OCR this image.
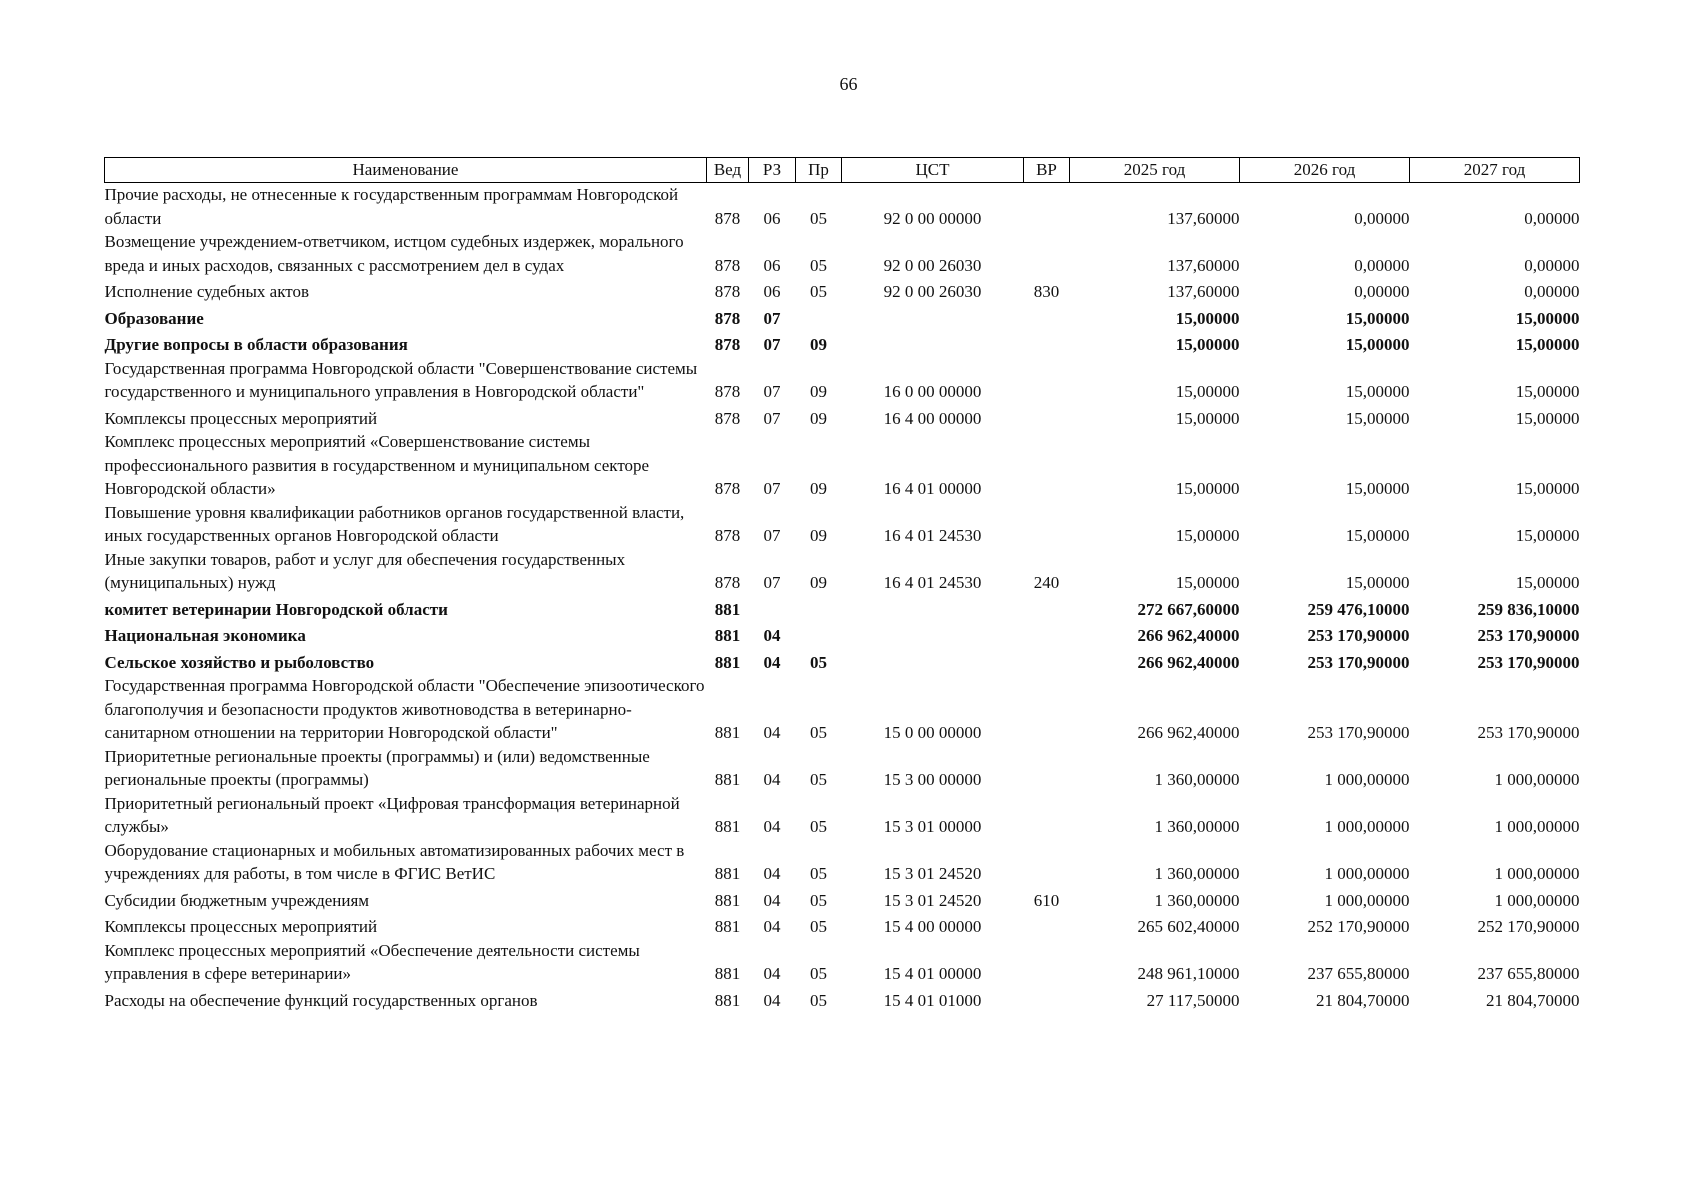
66
Наименование	Вед	РЗ	Пр	ЦСТ	ВР	2025 год	2026 год	2027 год
Прочие расходы, не отнесенные к государственным программам Новгородской области	878	06	05	92 0 00 00000		137,60000	0,00000	0,00000
Возмещение учреждением-ответчиком, истцом судебных издержек, морального вреда и иных расходов, связанных с рассмотрением дел в судах	878	06	05	92 0 00 26030		137,60000	0,00000	0,00000
Исполнение судебных актов	878	06	05	92 0 00 26030	830	137,60000	0,00000	0,00000
Образование	878	07				15,00000	15,00000	15,00000
Другие вопросы в области образования	878	07	09			15,00000	15,00000	15,00000
Государственная программа Новгородской области "Совершенствование системы государственного и муниципального управления в Новгородской области"	878	07	09	16 0 00 00000		15,00000	15,00000	15,00000
Комплексы процессных мероприятий	878	07	09	16 4 00 00000		15,00000	15,00000	15,00000
Комплекс процессных мероприятий «Совершенствование системы профессионального развития в государственном и муниципальном секторе Новгородской области»	878	07	09	16 4 01 00000		15,00000	15,00000	15,00000
Повышение уровня квалификации работников органов государственной власти, иных государственных органов Новгородской области	878	07	09	16 4 01 24530		15,00000	15,00000	15,00000
Иные закупки товаров, работ и услуг для обеспечения государственных (муниципальных) нужд	878	07	09	16 4 01 24530	240	15,00000	15,00000	15,00000
комитет ветеринарии Новгородской области	881					272 667,60000	259 476,10000	259 836,10000
Национальная экономика	881	04				266 962,40000	253 170,90000	253 170,90000
Сельское хозяйство и рыболовство	881	04	05			266 962,40000	253 170,90000	253 170,90000
Государственная программа Новгородской области "Обеспечение эпизоотического благополучия и безопасности продуктов животноводства в ветеринарно-санитарном отношении на территории Новгородской области"	881	04	05	15 0 00 00000		266 962,40000	253 170,90000	253 170,90000
Приоритетные региональные проекты (программы) и (или) ведомственные региональные проекты (программы)	881	04	05	15 3 00 00000		1 360,00000	1 000,00000	1 000,00000
Приоритетный региональный проект «Цифровая трансформация ветеринарной службы»	881	04	05	15 3 01 00000		1 360,00000	1 000,00000	1 000,00000
Оборудование стационарных и мобильных автоматизированных рабочих мест в учреждениях для работы, в том числе в ФГИС ВетИС	881	04	05	15 3 01 24520		1 360,00000	1 000,00000	1 000,00000
Субсидии бюджетным учреждениям	881	04	05	15 3 01 24520	610	1 360,00000	1 000,00000	1 000,00000
Комплексы процессных мероприятий	881	04	05	15 4 00 00000		265 602,40000	252 170,90000	252 170,90000
Комплекс процессных мероприятий «Обеспечение деятельности системы управления в сфере ветеринарии»	881	04	05	15 4 01 00000		248 961,10000	237 655,80000	237 655,80000
Расходы на обеспечение функций государственных органов	881	04	05	15 4 01 01000		27 117,50000	21 804,70000	21 804,70000
